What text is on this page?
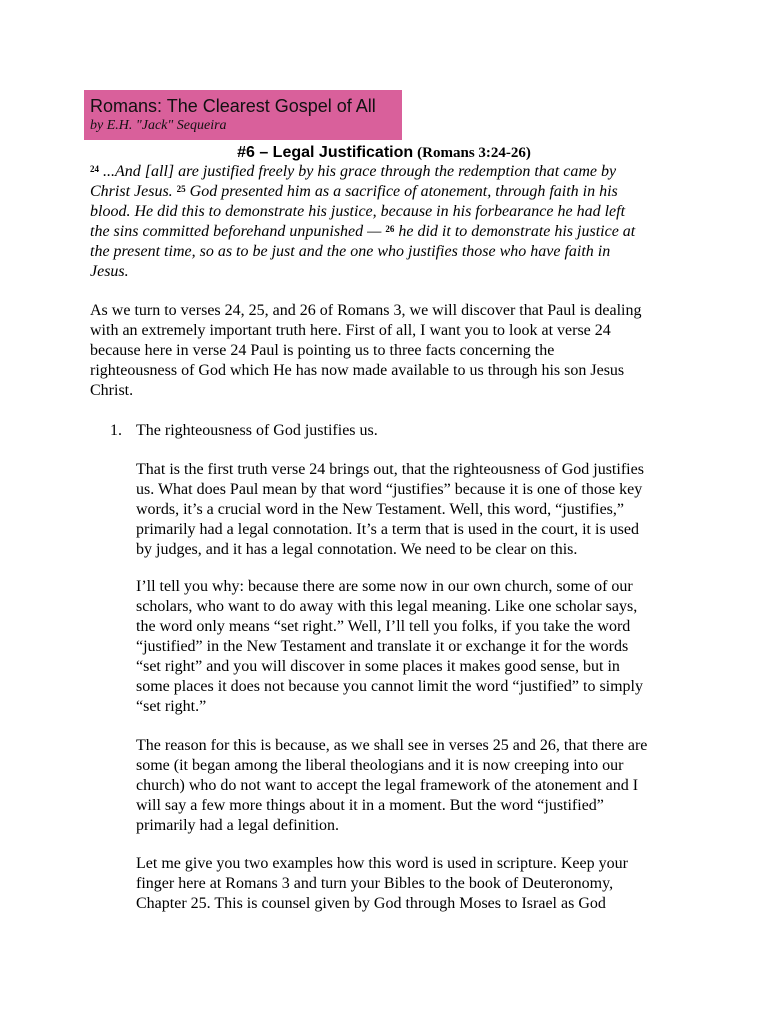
Romans: The Clearest Gospel of All
by E.H. "Jack" Sequeira
#6 – Legal Justification (Romans 3:24-26)
$^{24}$ ...And [all] are justified freely by his grace through the redemption that came by
Christ Jesus. $^{25}$ God presented him as a sacrifice of atonement, through faith in his
blood. He did this to demonstrate his justice, because in his forbearance he had left
the sins committed beforehand unpunished — $^{26}$ he did it to demonstrate his justice at
the present time, so as to be just and the one who justifies those who have faith in
Jesus.
As we turn to verses 24, 25, and 26 of Romans 3, we will discover that Paul is dealing
with an extremely important truth here. First of all, I want you to look at verse 24
because here in verse 24 Paul is pointing us to three facts concerning the
righteousness of God which He has now made available to us through his son Jesus
Christ.
1. The righteousness of God justifies us.
That is the first truth verse 24 brings out, that the righteousness of God justifies
us. What does Paul mean by that word “justifies” because it is one of those key
words, it’s a crucial word in the New Testament. Well, this word, “justifies,”
primarily had a legal connotation. It’s a term that is used in the court, it is used
by judges, and it has a legal connotation. We need to be clear on this.
I’ll tell you why: because there are some now in our own church, some of our
scholars, who want to do away with this legal meaning. Like one scholar says,
the word only means “set right.” Well, I’ll tell you folks, if you take the word
“justified” in the New Testament and translate it or exchange it for the words
“set right” and you will discover in some places it makes good sense, but in
some places it does not because you cannot limit the word “justified” to simply
“set right.”
The reason for this is because, as we shall see in verses 25 and 26, that there are
some (it began among the liberal theologians and it is now creeping into our
church) who do not want to accept the legal framework of the atonement and I
will say a few more things about it in a moment. But the word “justified”
primarily had a legal definition.
Let me give you two examples how this word is used in scripture. Keep your
finger here at Romans 3 and turn your Bibles to the book of Deuteronomy,
Chapter 25. This is counsel given by God through Moses to Israel as God
